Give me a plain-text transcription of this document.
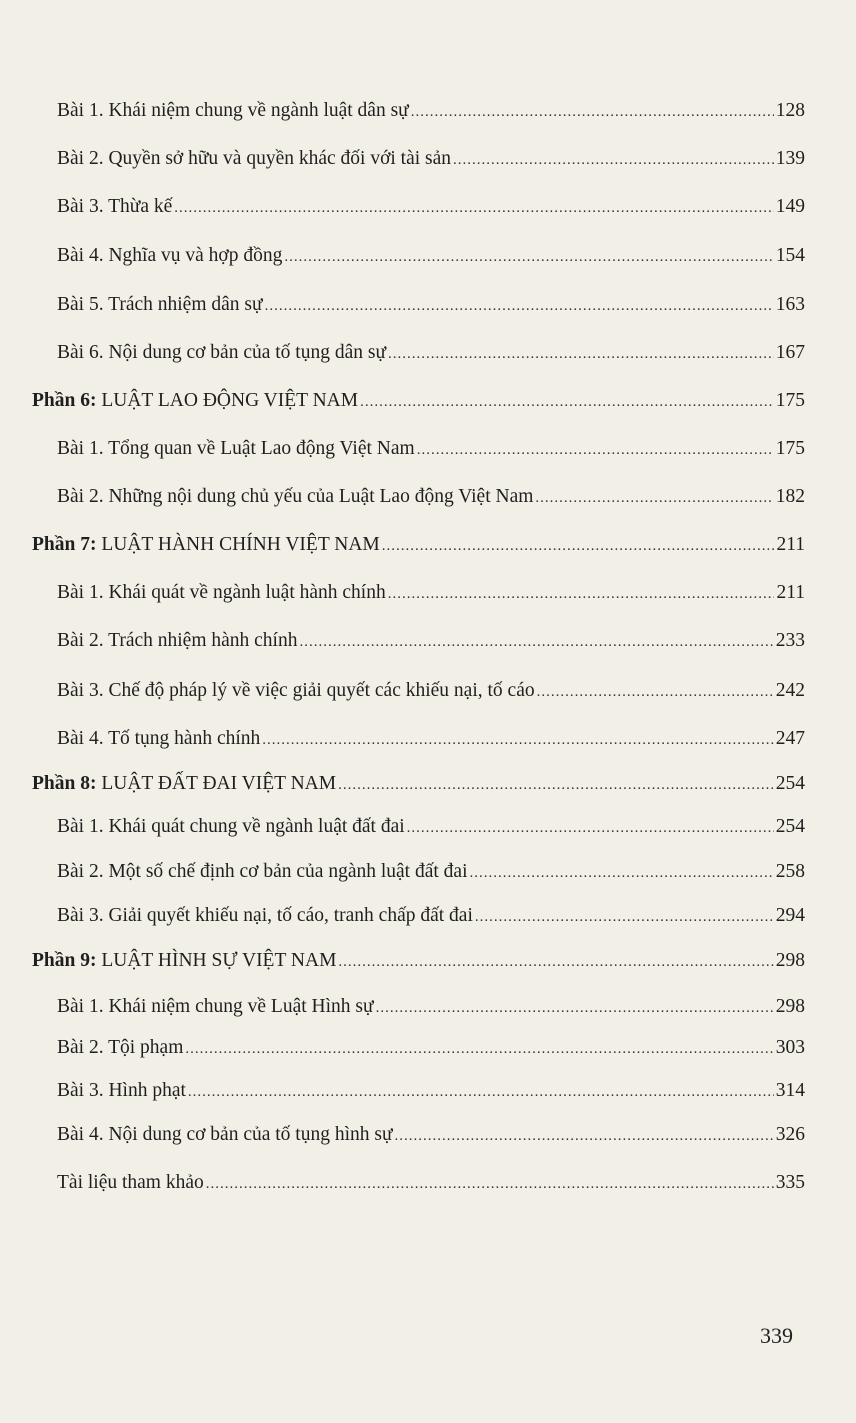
Bài 1. Khái niệm chung về ngành luật dân sự .....	128
Bài 2. Quyền sở hữu và quyền khác đối với tài sản .....	139
Bài 3. Thừa kế .....	149
Bài 4. Nghĩa vụ và hợp đồng .....	154
Bài 5. Trách nhiệm dân sự .....	163
Bài 6. Nội dung cơ bản của tố tụng dân sự .....	167
Phần 6: LUẬT LAO ĐỘNG VIỆT NAM .....	175
Bài 1. Tổng quan về Luật Lao động Việt Nam .....	175
Bài 2. Những nội dung chủ yếu của Luật Lao động Việt Nam .....	182
Phần 7: LUẬT HÀNH CHÍNH VIỆT NAM .....	211
Bài 1. Khái quát về ngành luật hành chính .....	211
Bài 2. Trách nhiệm hành chính .....	233
Bài 3. Chế độ pháp lý về việc giải quyết các khiếu nại, tố cáo .....	242
Bài 4. Tố tụng hành chính .....	247
Phần 8: LUẬT ĐẤT ĐAI VIỆT NAM .....	254
Bài 1. Khái quát chung về ngành luật đất đai .....	254
Bài 2. Một số chế định cơ bản của ngành luật đất đai .....	258
Bài 3. Giải quyết khiếu nại, tố cáo, tranh chấp đất đai .....	294
Phần 9: LUẬT HÌNH SỰ VIỆT NAM .....	298
Bài 1. Khái niệm chung về Luật Hình sự .....	298
Bài 2. Tội phạm .....	303
Bài 3. Hình phạt .....	314
Bài 4. Nội dung cơ bản của tố tụng hình sự .....	326
Tài liệu tham khảo .....	335
339
